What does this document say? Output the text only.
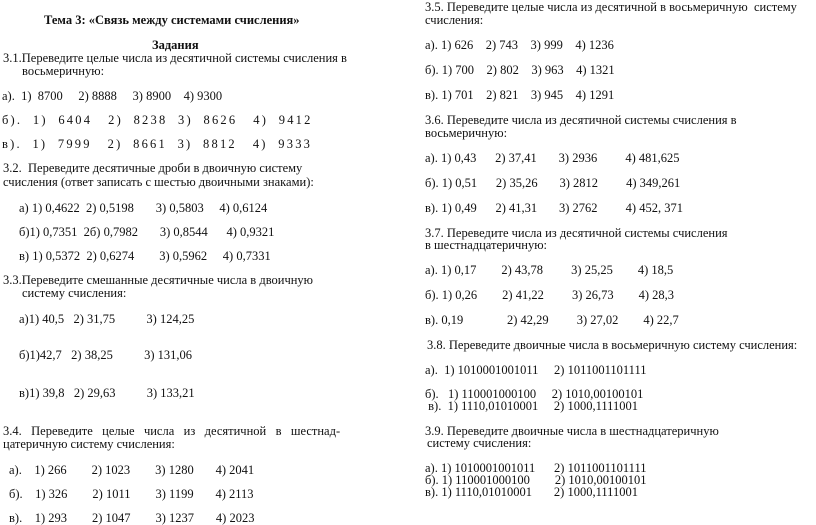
Тема 3: «Связь между системами счисления»
Задания
3.1.Переведите целые числа из десятичной системы счисления в
восьмеричную:
а).  1)  8700     2) 8888     3) 8900    4) 9300
б).  1)  6404   2)  8238  3)  8626   4)  9412
в).  1)  7999   2)  8661  3)  8812   4)  9333
3.2.  Переведите десятичные дроби в двоичную систему
счисления (ответ записать с шестью двоичными знаками):
а) 1) 0,4622  2) 0,5198       3) 0,5803     4) 0,6124
б)1) 0,7351  2б) 0,7982       3) 0,8544      4) 0,9321
в) 1) 0,5372  2) 0,6274        3) 0,5962     4) 0,7331
3.3.Переведите смешанные десятичные числа в двоичную
систему счисления:
а)1) 40,5   2) 31,75          3) 124,25
б)1)42,7   2) 38,25          3) 131,06
в)1) 39,8   2) 29,63          3) 133,21
3.4.   Переведите   целые   числа   из   десятичной   в   шестнад-
цатеричную систему счисления:
а).    1) 266        2) 1023        3) 1280       4) 2041
б).    1) 326        2) 1011        3) 1199       4) 2113
в).    1) 293        2) 1047        3) 1237       4) 2023
3.5. Переведите целые числа из десятичной в восьмеричную  систему
счисления:
а). 1) 626    2) 743    3) 999    4) 1236
б). 1) 700    2) 802    3) 963    4) 1321
в). 1) 701    2) 821    3) 945    4) 1291
3.6. Переведите числа из десятичной системы счисления в
восьмеричную:
а). 1) 0,43      2) 37,41       3) 2936         4) 481,625
б). 1) 0,51      2) 35,26       3) 2812         4) 349,261
в). 1) 0,49      2) 41,31       3) 2762         4) 452, 371
3.7. Переведите числа из десятичной системы счисления
в шестнадцатеричную:
а). 1) 0,17        2) 43,78         3) 25,25        4) 18,5
б). 1) 0,26        2) 41,22         3) 26,73        4) 28,3
в). 0,19              2) 42,29         3) 27,02        4) 22,7
3.8. Переведите двоичные числа в восьмеричную систему счисления:
а).  1) 1010001001011     2) 1011001101111
б).   1) 110001000100     2) 1010,00100101
в).  1) 1110,01010001     2) 1000,1111001
3.9. Переведите двоичные числа в шестнадцатеричную
системy счисления:
а). 1) 1010001001011      2) 1011001101111
б). 1) 110001000100        2) 1010,00100101
в). 1) 1110,01010001       2) 1000,1111001
